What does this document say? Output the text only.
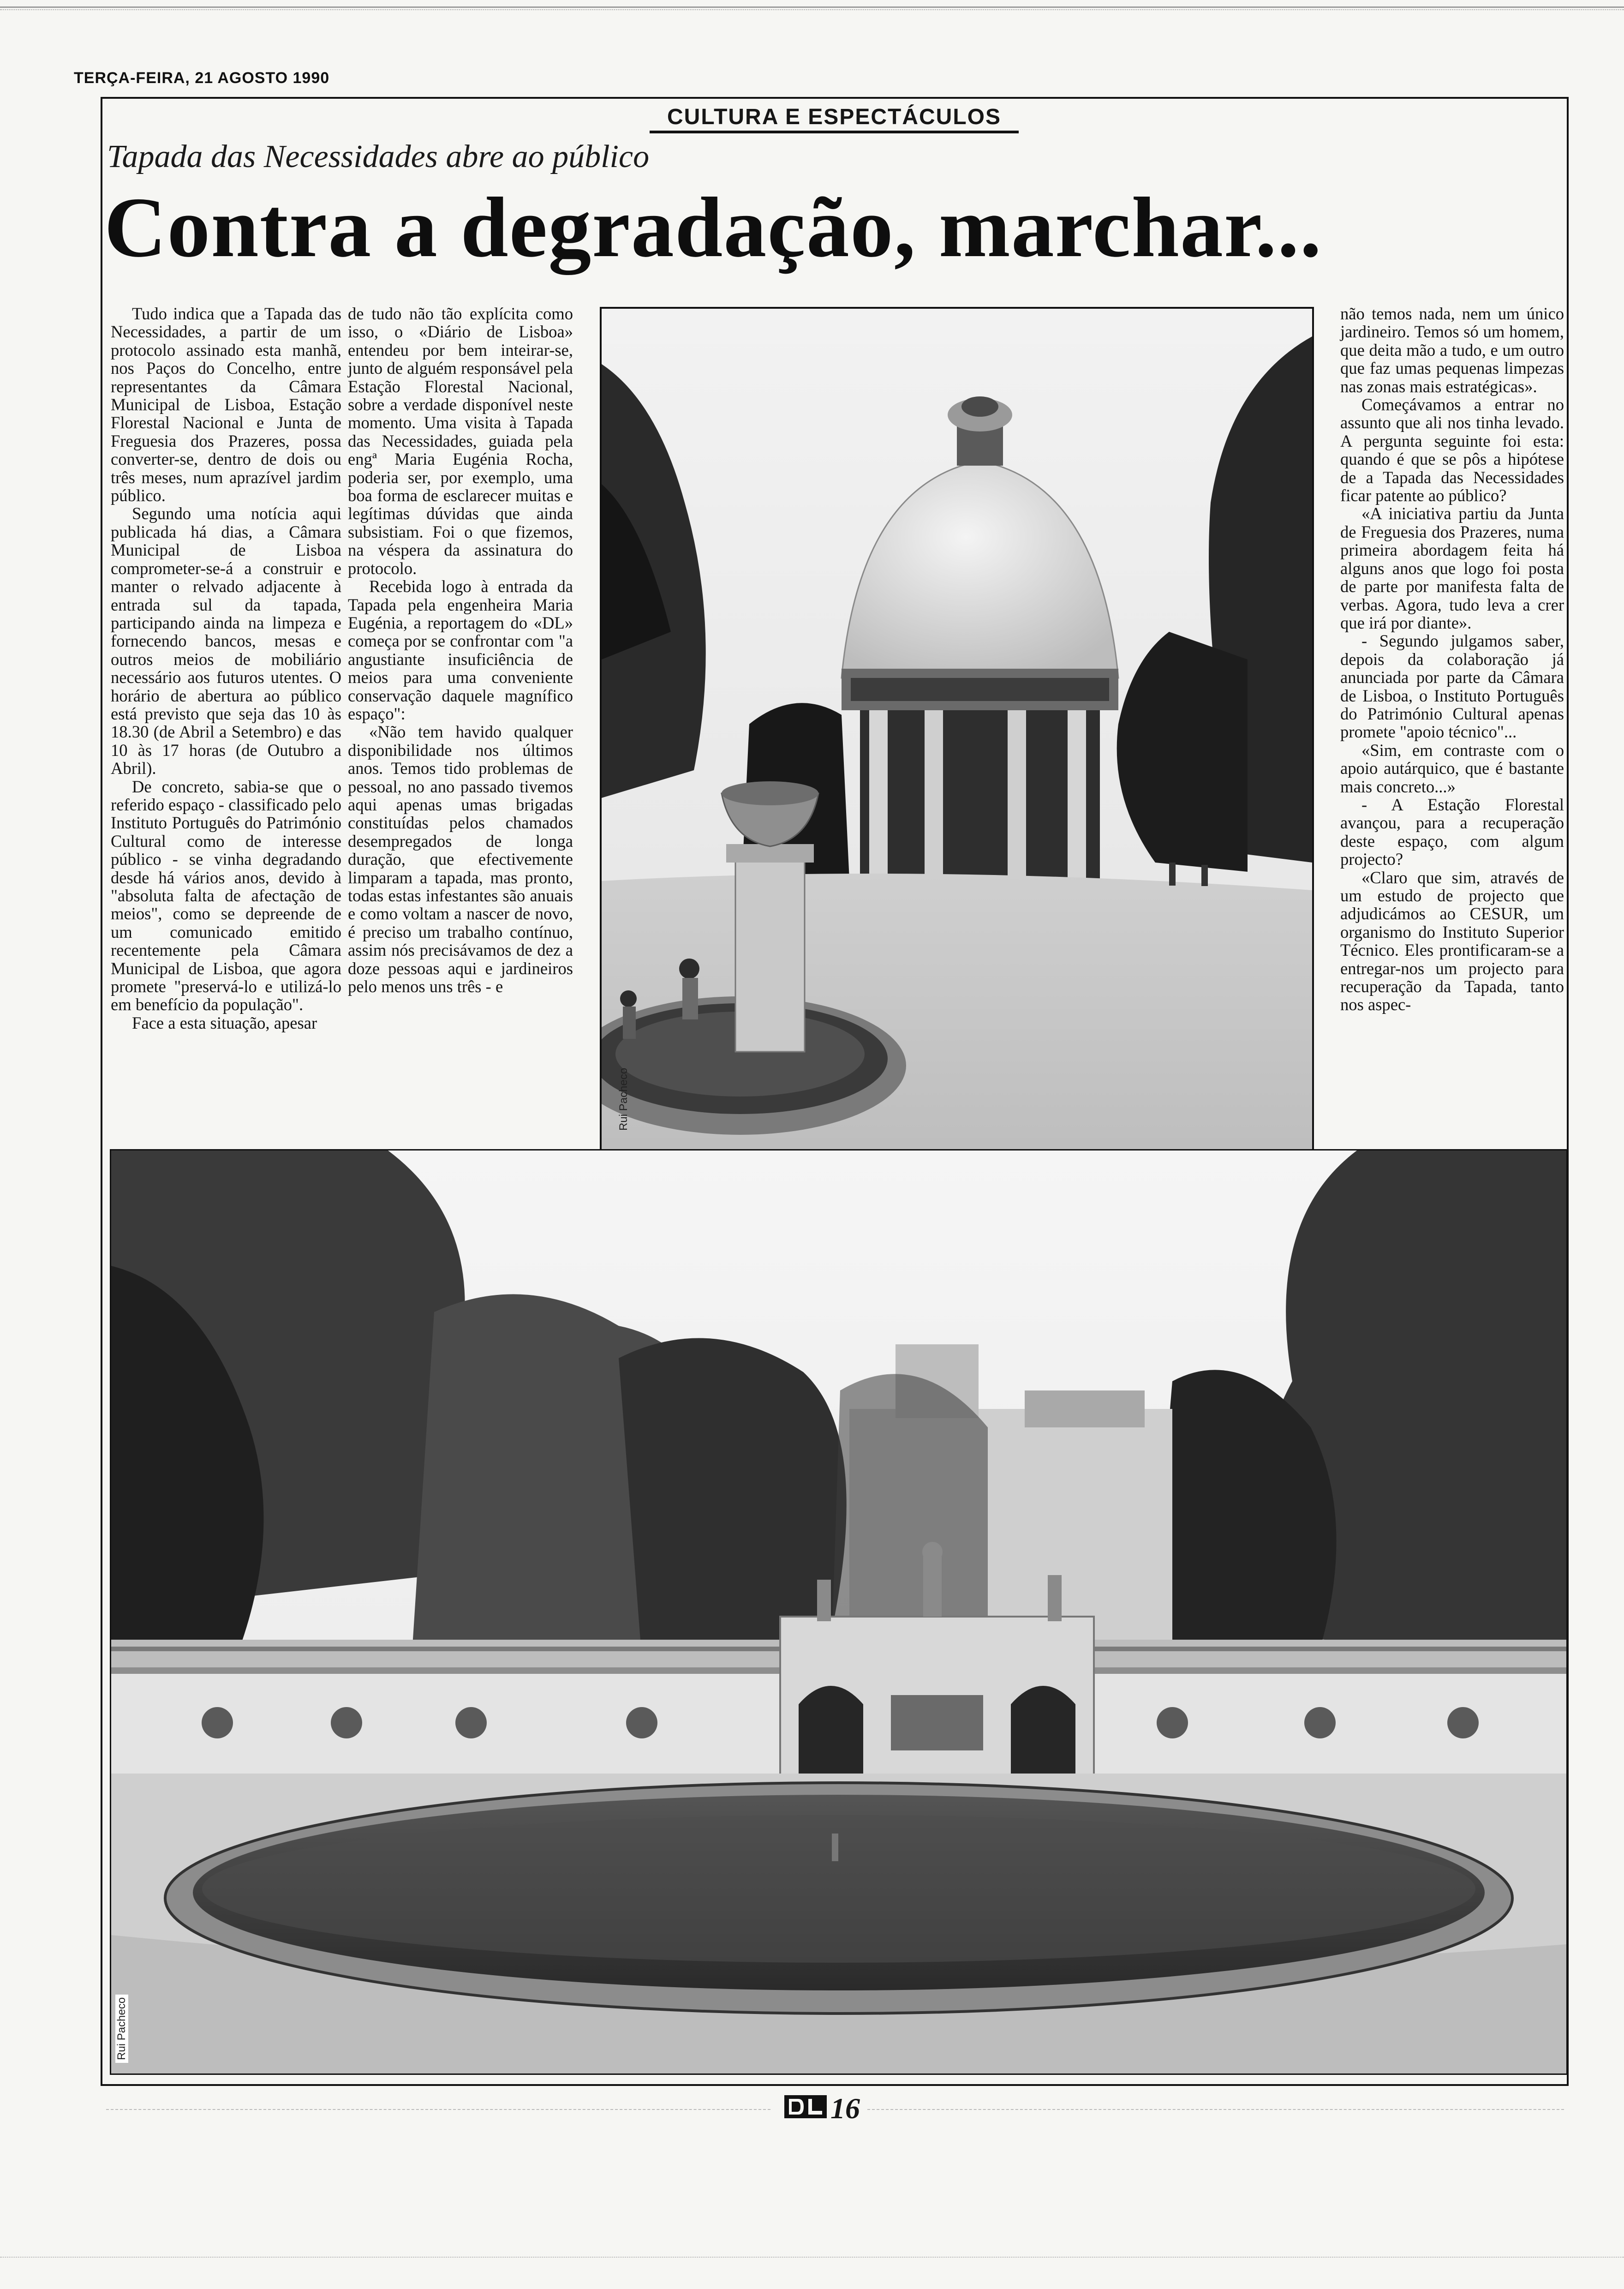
TERÇA-FEIRA, 21 AGOSTO 1990
CULTURA E ESPECTÁCULOS
Tapada das Necessidades abre ao público
Contra a degradação, marchar...

Tudo indica que a Tapada das Necessidades, a partir de um protocolo assinado esta manhã, nos Paços do Concelho, entre representantes da Câmara Municipal de Lisboa, Estação Florestal Nacional e Junta de Freguesia dos Prazeres, possa converter-se, dentro de dois ou três meses, num aprazível jardim público.

Segundo uma notícia aqui publicada há dias, a Câmara Municipal de Lisboa comprometer-se-á a construir e manter o relvado adjacente à entrada sul da tapada, participando ainda na limpeza e fornecendo bancos, mesas e outros meios de mobiliário necessário aos futuros utentes. O horário de abertura ao público está previsto que seja das 10 às 18.30 (de Abril a Setembro) e das 10 às 17 horas (de Outubro a Abril).

De concreto, sabia-se que o referido espaço - classificado pelo Instituto Português do Património Cultural como de interesse público - se vinha degradando desde há vários anos, devido à "absoluta falta de afectação de meios", como se depreende de um comunicado emitido recentemente pela Câmara Municipal de Lisboa, que agora promete "preservá-lo e utilizá-lo em benefício da população".

Face a esta situação, apesar

de tudo não tão explícita como isso, o «Diário de Lisboa» entendeu por bem inteirar-se, junto de alguém responsável pela Estação Florestal Nacional, sobre a verdade disponível neste momento. Uma visita à Tapada das Necessidades, guiada pela engª Maria Eugénia Rocha, poderia ser, por exemplo, uma boa forma de esclarecer muitas e legítimas dúvidas que ainda subsistiam. Foi o que fizemos, na véspera da assinatura do protocolo.

Recebida logo à entrada da Tapada pela engenheira Maria Eugénia, a reportagem do «DL» começa por se confrontar com "a angustiante insuficiência de meios para uma conveniente conservação daquele magnífico espaço":

«Não tem havido qualquer disponibilidade nos últimos anos. Temos tido problemas de pessoal, no ano passado tivemos aqui apenas umas brigadas constituídas pelos chamados desempregados de longa duração, que efectivemente limparam a tapada, mas pronto, todas estas infestantes são anuais e como voltam a nascer de novo, é preciso um trabalho contínuo, assim nós precisávamos de dez a doze pessoas aqui e jardineiros pelo menos uns três - e

não temos nada, nem um único jardineiro. Temos só um homem, que deita mão a tudo, e um outro que faz umas pequenas limpezas nas zonas mais estratégicas».

Começávamos a entrar no assunto que ali nos tinha levado. A pergunta seguinte foi esta: quando é que se pôs a hipótese de a Tapada das Necessidades ficar patente ao público?

«A iniciativa partiu da Junta de Freguesia dos Prazeres, numa primeira abordagem feita há alguns anos que logo foi posta de parte por manifesta falta de verbas. Agora, tudo leva a crer que irá por diante».

- Segundo julgamos saber, depois da colaboração já anunciada por parte da Câmara de Lisboa, o Instituto Português do Património Cultural apenas promete "apoio técnico"...

«Sim, em contraste com o apoio autárquico, que é bastante mais concreto...»

- A Estação Florestal avançou, para a recuperação deste espaço, com algum projecto?

«Claro que sim, através de um estudo de projecto que adjudicámos ao CESUR, um organismo do Instituto Superior Técnico. Eles prontificaram-se a entregar-nos um projecto para recuperação da Tapada, tanto nos aspec-

Rui Pacheco
Rui Pacheco
16
